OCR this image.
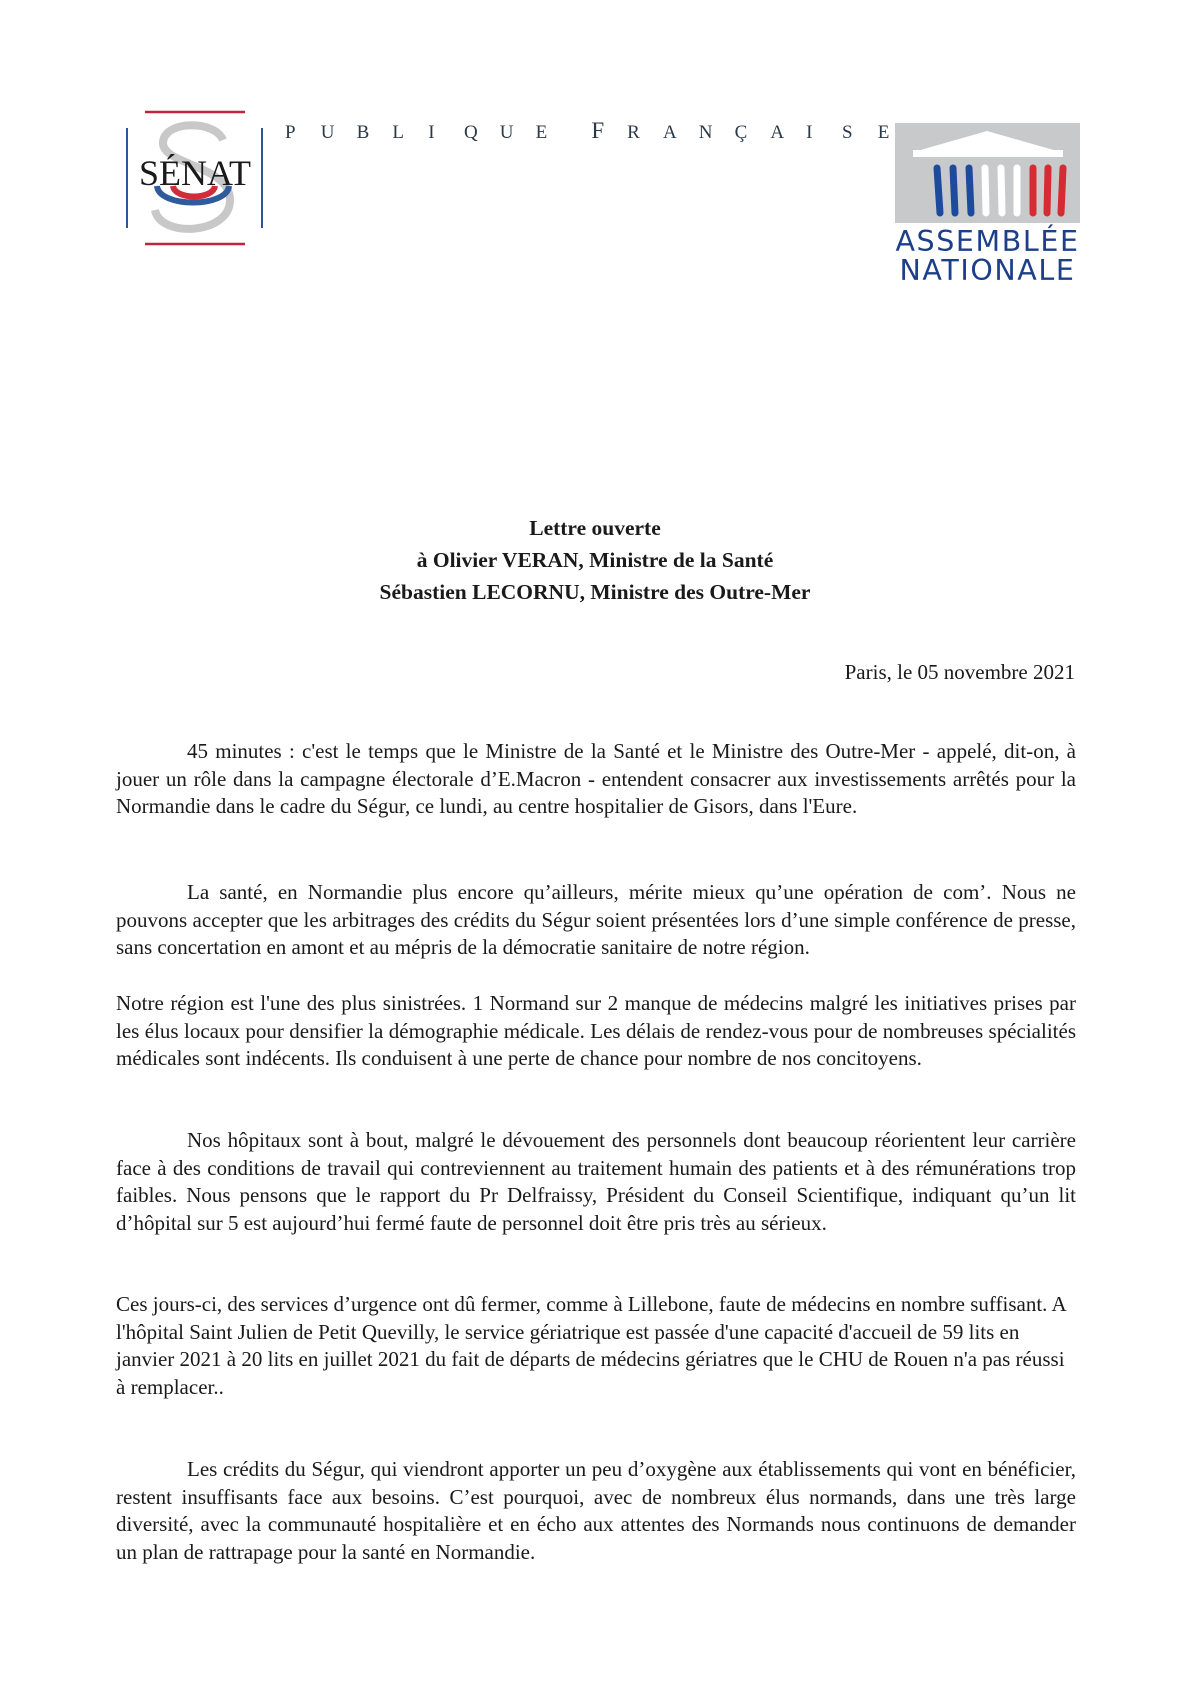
SÉNAT
P U B L I Q U E F R A N Ç A I S E
ASSEMBLÉE
NATIONALE
Lettre ouverte
à Olivier VERAN, Ministre de la Santé
Sébastien LECORNU, Ministre des Outre-Mer
Paris, le 05 novembre 2021
45 minutes : c'est le temps que le Ministre de la Santé et le Ministre des Outre-Mer - appelé, dit-on, à jouer un rôle dans la campagne électorale d’E.Macron - entendent consacrer aux investissements arrêtés pour la Normandie dans le cadre du Ségur, ce lundi, au centre hospitalier de Gisors, dans l'Eure.
La santé, en Normandie plus encore qu’ailleurs, mérite mieux qu’une opération de com’. Nous ne pouvons accepter que les arbitrages des crédits du Ségur soient présentées lors d’une simple conférence de presse, sans concertation en amont et au mépris de la démocratie sanitaire de notre région.
Notre région est l'une des plus sinistrées. 1 Normand sur 2 manque de médecins malgré les initiatives prises par les élus locaux pour densifier la démographie médicale. Les délais de rendez-vous pour de nombreuses spécialités médicales sont indécents. Ils conduisent à une perte de chance pour nombre de nos concitoyens.
Nos hôpitaux sont à bout, malgré le dévouement des personnels dont beaucoup réorientent leur carrière face à des conditions de travail qui contreviennent au traitement humain des patients et à des rémunérations trop faibles. Nous pensons que le rapport du Pr Delfraissy, Président du Conseil Scientifique, indiquant qu’un lit d’hôpital sur 5 est aujourd’hui fermé faute de personnel doit être pris très au sérieux.
Ces jours-ci, des services d’urgence ont dû fermer, comme à Lillebone, faute de médecins en nombre suffisant. A l'hôpital Saint Julien de Petit Quevilly, le service gériatrique est passée d'une capacité d'accueil de 59 lits en janvier 2021 à 20 lits en juillet 2021 du fait de départs de médecins gériatres que le CHU de Rouen n'a pas réussi à remplacer..
Les crédits du Ségur, qui viendront apporter un peu d’oxygène aux établissements qui vont en bénéficier, restent insuffisants face aux besoins. C’est pourquoi, avec de nombreux élus normands, dans une très large diversité, avec la communauté hospitalière et en écho aux attentes des Normands nous continuons de demander un plan de rattrapage pour la santé en Normandie.
